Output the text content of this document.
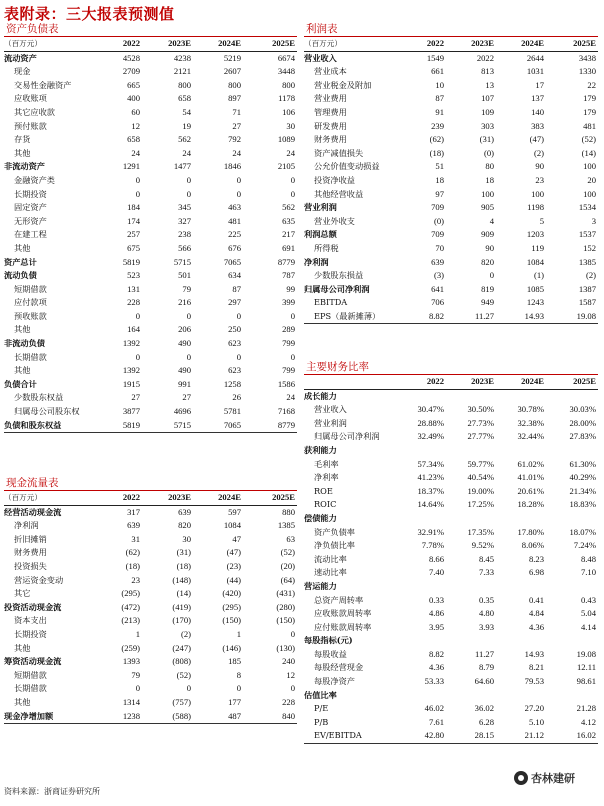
表附录：三大报表预测值
资产负债表
（百万元）	2022	2023E	2024E	2025E
流动资产	4528	4238	5219	6674
现金	2709	2121	2607	3448
交易性金融资产	665	800	800	800
应收账项	400	658	897	1178
其它应收款	60	54	71	106
预付账款	12	19	27	30
存货	658	562	792	1089
其他	24	24	24	24
非流动资产	1291	1477	1846	2105
金融资产类	0	0	0	0
长期投资	0	0	0	0
固定资产	184	345	463	562
无形资产	174	327	481	635
在建工程	257	238	225	217
其他	675	566	676	691
资产总计	5819	5715	7065	8779
流动负债	523	501	634	787
短期借款	131	79	87	99
应付款项	228	216	297	399
预收账款	0	0	0	0
其他	164	206	250	289
非流动负债	1392	490	623	799
长期借款	0	0	0	0
其他	1392	490	623	799
负债合计	1915	991	1258	1586
少数股东权益	27	27	26	24
归属母公司股东权	3877	4696	5781	7168
负债和股东权益	5819	5715	7065	8779
现金流量表
（百万元）	2022	2023E	2024E	2025E
经营活动现金流	317	639	597	880
净利润	639	820	1084	1385
折旧摊销	31	30	47	63
财务费用	(62)	(31)	(47)	(52)
投资损失	(18)	(18)	(23)	(20)
营运资金变动	23	(148)	(44)	(64)
其它	(295)	(14)	(420)	(431)
投资活动现金流	(472)	(419)	(295)	(280)
资本支出	(213)	(170)	(150)	(150)
长期投资	1	(2)	1	0
其他	(259)	(247)	(146)	(130)
筹资活动现金流	1393	(808)	185	240
短期借款	79	(52)	8	12
长期借款	0	0	0	0
其他	1314	(757)	177	228
现金净增加额	1238	(588)	487	840
利润表
（百万元）	2022	2023E	2024E	2025E
营业收入	1549	2022	2644	3438
营业成本	661	813	1031	1330
营业税金及附加	10	13	17	22
营业费用	87	107	137	179
管理费用	91	109	140	179
研发费用	239	303	383	481
财务费用	(62)	(31)	(47)	(52)
资产减值损失	(18)	(0)	(2)	(14)
公允价值变动损益	51	80	90	100
投资净收益	18	18	23	20
其他经营收益	97	100	100	100
营业利润	709	905	1198	1534
营业外收支	(0)	4	5	3
利润总额	709	909	1203	1537
所得税	70	90	119	152
净利润	639	820	1084	1385
少数股东损益	(3)	0	(1)	(2)
归属母公司净利润	641	819	1085	1387
EBITDA	706	949	1243	1587
EPS（最新摊薄）	8.82	11.27	14.93	19.08
主要财务比率
	2022	2023E	2024E	2025E
成长能力				
营业收入	30.47%	30.50%	30.78%	30.03%
营业利润	28.88%	27.73%	32.38%	28.00%
归属母公司净利润	32.49%	27.77%	32.44%	27.83%
获利能力				
毛利率	57.34%	59.77%	61.02%	61.30%
净利率	41.23%	40.54%	41.01%	40.29%
ROE	18.37%	19.00%	20.61%	21.34%
ROIC	14.64%	17.25%	18.28%	18.83%
偿债能力				
资产负债率	32.91%	17.35%	17.80%	18.07%
净负债比率	7.78%	9.52%	8.06%	7.24%
流动比率	8.66	8.45	8.23	8.48
速动比率	7.40	7.33	6.98	7.10
营运能力				
总资产周转率	0.33	0.35	0.41	0.43
应收账款周转率	4.86	4.80	4.84	5.04
应付账款周转率	3.95	3.93	4.36	4.14
每股指标(元)				
每股收益	8.82	11.27	14.93	19.08
每股经营现金	4.36	8.79	8.21	12.11
每股净资产	53.33	64.60	79.53	98.61
估值比率				
P/E	46.02	36.02	27.20	21.28
P/B	7.61	6.28	5.10	4.12
EV/EBITDA	42.80	28.15	21.12	16.02
资料来源：浙商证券研究所
杏林建研
